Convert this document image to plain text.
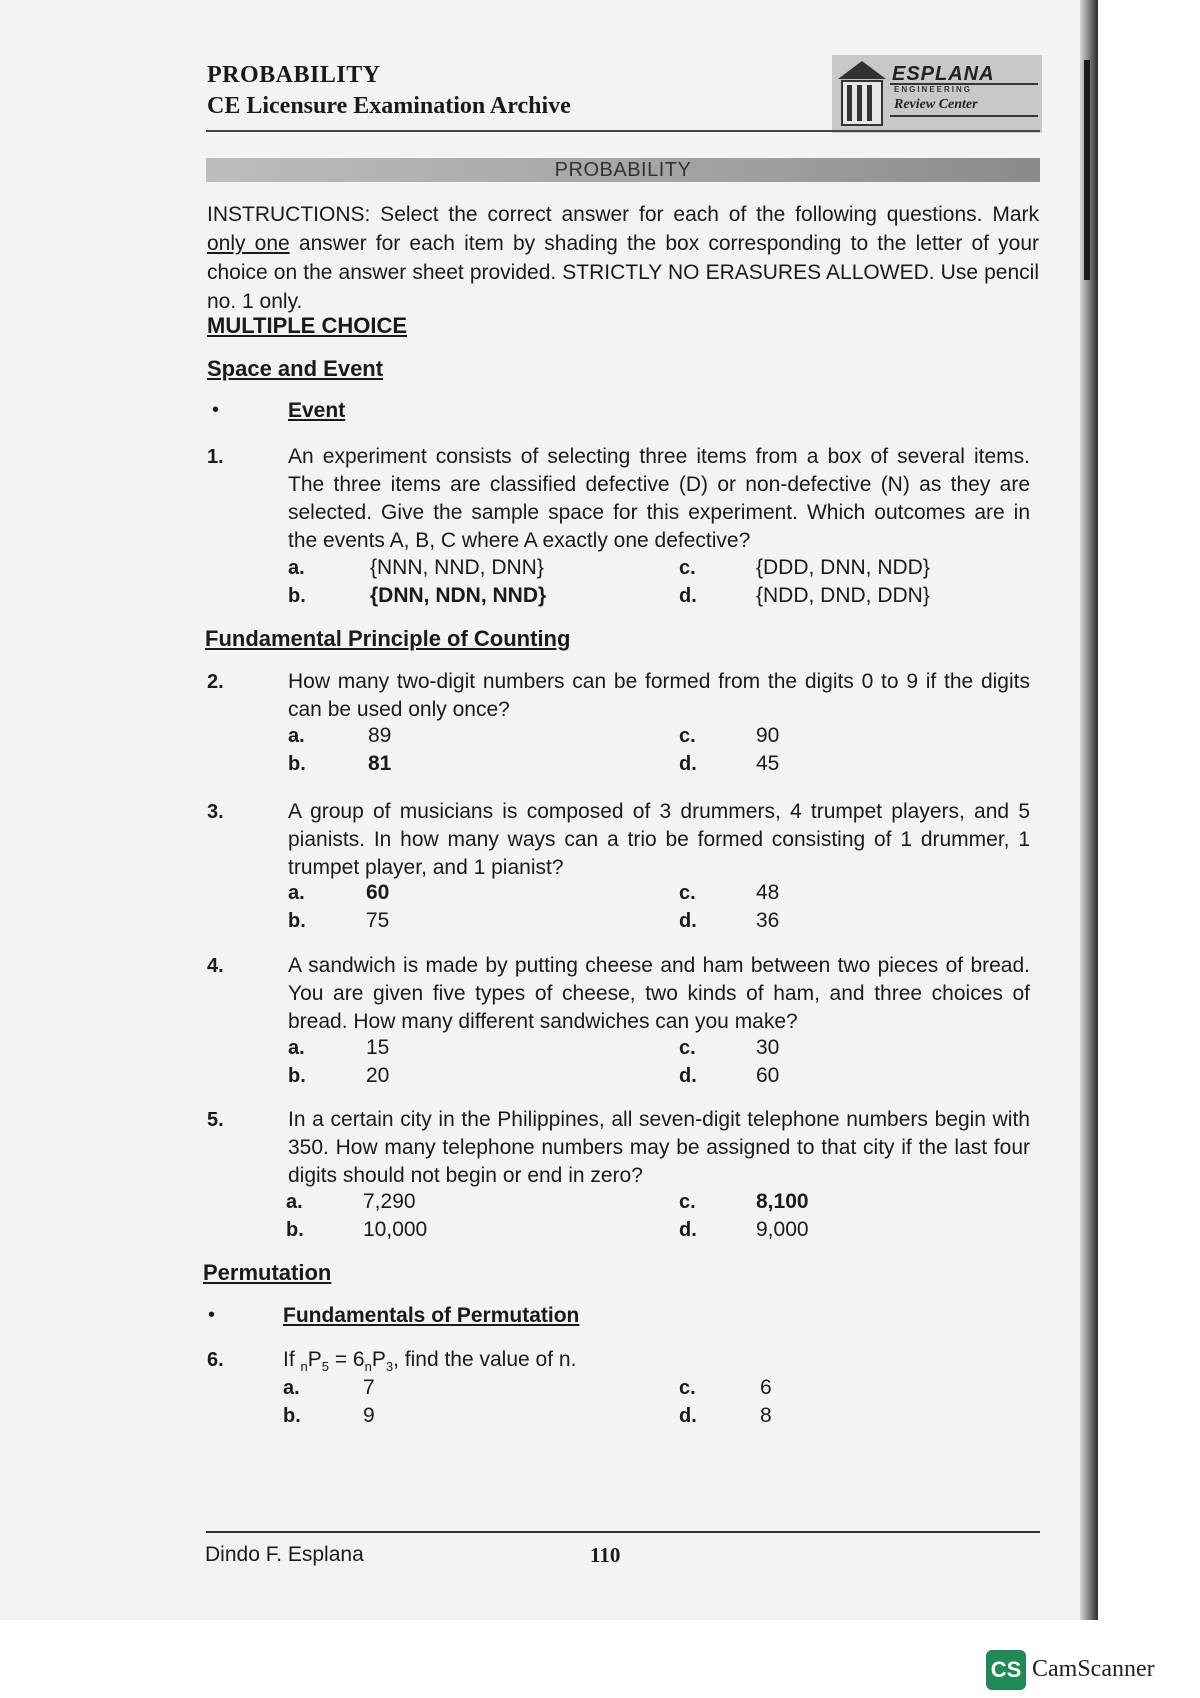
PROBABILITY
CE Licensure Examination Archive
ESPLANA
ENGINEERING
Review Center
PROBABILITY
INSTRUCTIONS: Select the correct answer for each of the following questions. Mark only one answer for each item by shading the box corresponding to the letter of your choice on the answer sheet provided. STRICTLY NO ERASURES ALLOWED. Use pencil no. 1 only.
MULTIPLE CHOICE
Space and Event
•	Event
1.	An experiment consists of selecting three items from a box of several items. The three items are classified defective (D) or non-defective (N) as they are selected. Give the sample space for this experiment. Which outcomes are in the events A, B, C where A exactly one defective?
a.	{NNN, NND, DNN}
b.	{DNN, NDN, NND}
c.	{DDD, DNN, NDD}
d.	{NDD, DND, DDN}
Fundamental Principle of Counting
2.	How many two-digit numbers can be formed from the digits 0 to 9 if the digits can be used only once?
a.	89
b.	81
c.	90
d.	45
3.	A group of musicians is composed of 3 drummers, 4 trumpet players, and 5 pianists. In how many ways can a trio be formed consisting of 1 drummer, 1 trumpet player, and 1 pianist?
a.	60
b.	75
c.	48
d.	36
4.	A sandwich is made by putting cheese and ham between two pieces of bread. You are given five types of cheese, two kinds of ham, and three choices of bread. How many different sandwiches can you make?
a.	15
b.	20
c.	30
d.	60
5.	In a certain city in the Philippines, all seven-digit telephone numbers begin with 350. How many telephone numbers may be assigned to that city if the last four digits should not begin or end in zero?
a.	7,290
b.	10,000
c.	8,100
d.	9,000
Permutation
•	Fundamentals of Permutation
6.	If $_nP_5 = 6_nP_3$, find the value of n.
a.	7
b.	9
c.	6
d.	8
Dindo F. Esplana	110
CS CamScanner
